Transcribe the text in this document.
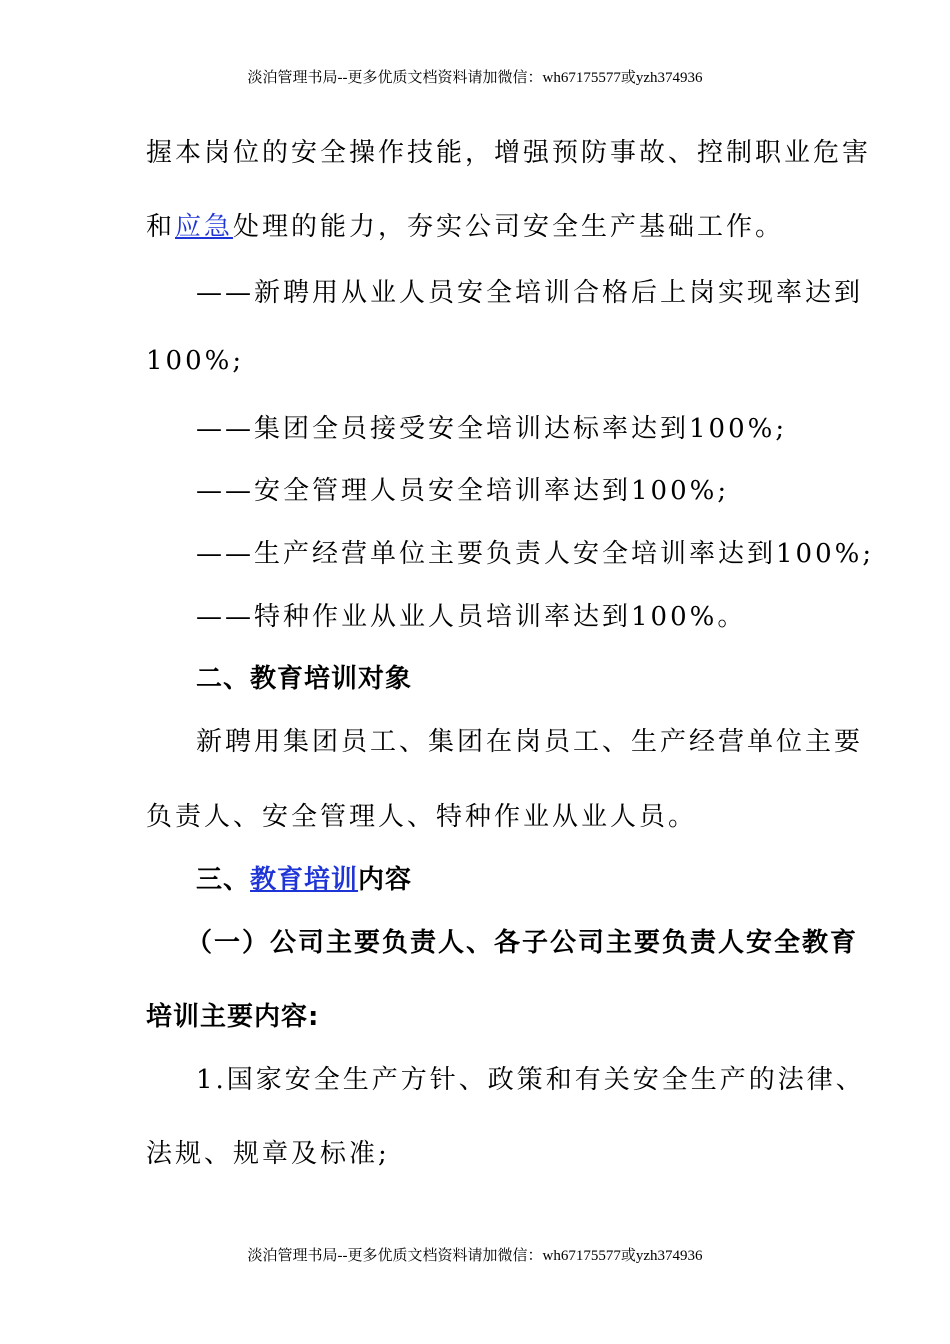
淡泊管理书局--更多优质文档资料请加微信：wh67175577或yzh374936
握本岗位的安全操作技能，增强预防事故、控制职业危害
和应急处理的能力，夯实公司安全生产基础工作。
——新聘用从业人员安全培训合格后上岗实现率达到
100%;
——集团全员接受安全培训达标率达到100%;
——安全管理人员安全培训率达到100%;
——生产经营单位主要负责人安全培训率达到100%;
——特种作业从业人员培训率达到100%。
二、教育培训对象
新聘用集团员工、集团在岗员工、生产经营单位主要
负责人、安全管理人、特种作业从业人员。
三、教育培训内容
（一）公司主要负责人、各子公司主要负责人安全教育
培训主要内容:
1.国家安全生产方针、政策和有关安全生产的法律、
法规、规章及标准;
淡泊管理书局--更多优质文档资料请加微信：wh67175577或yzh374936
